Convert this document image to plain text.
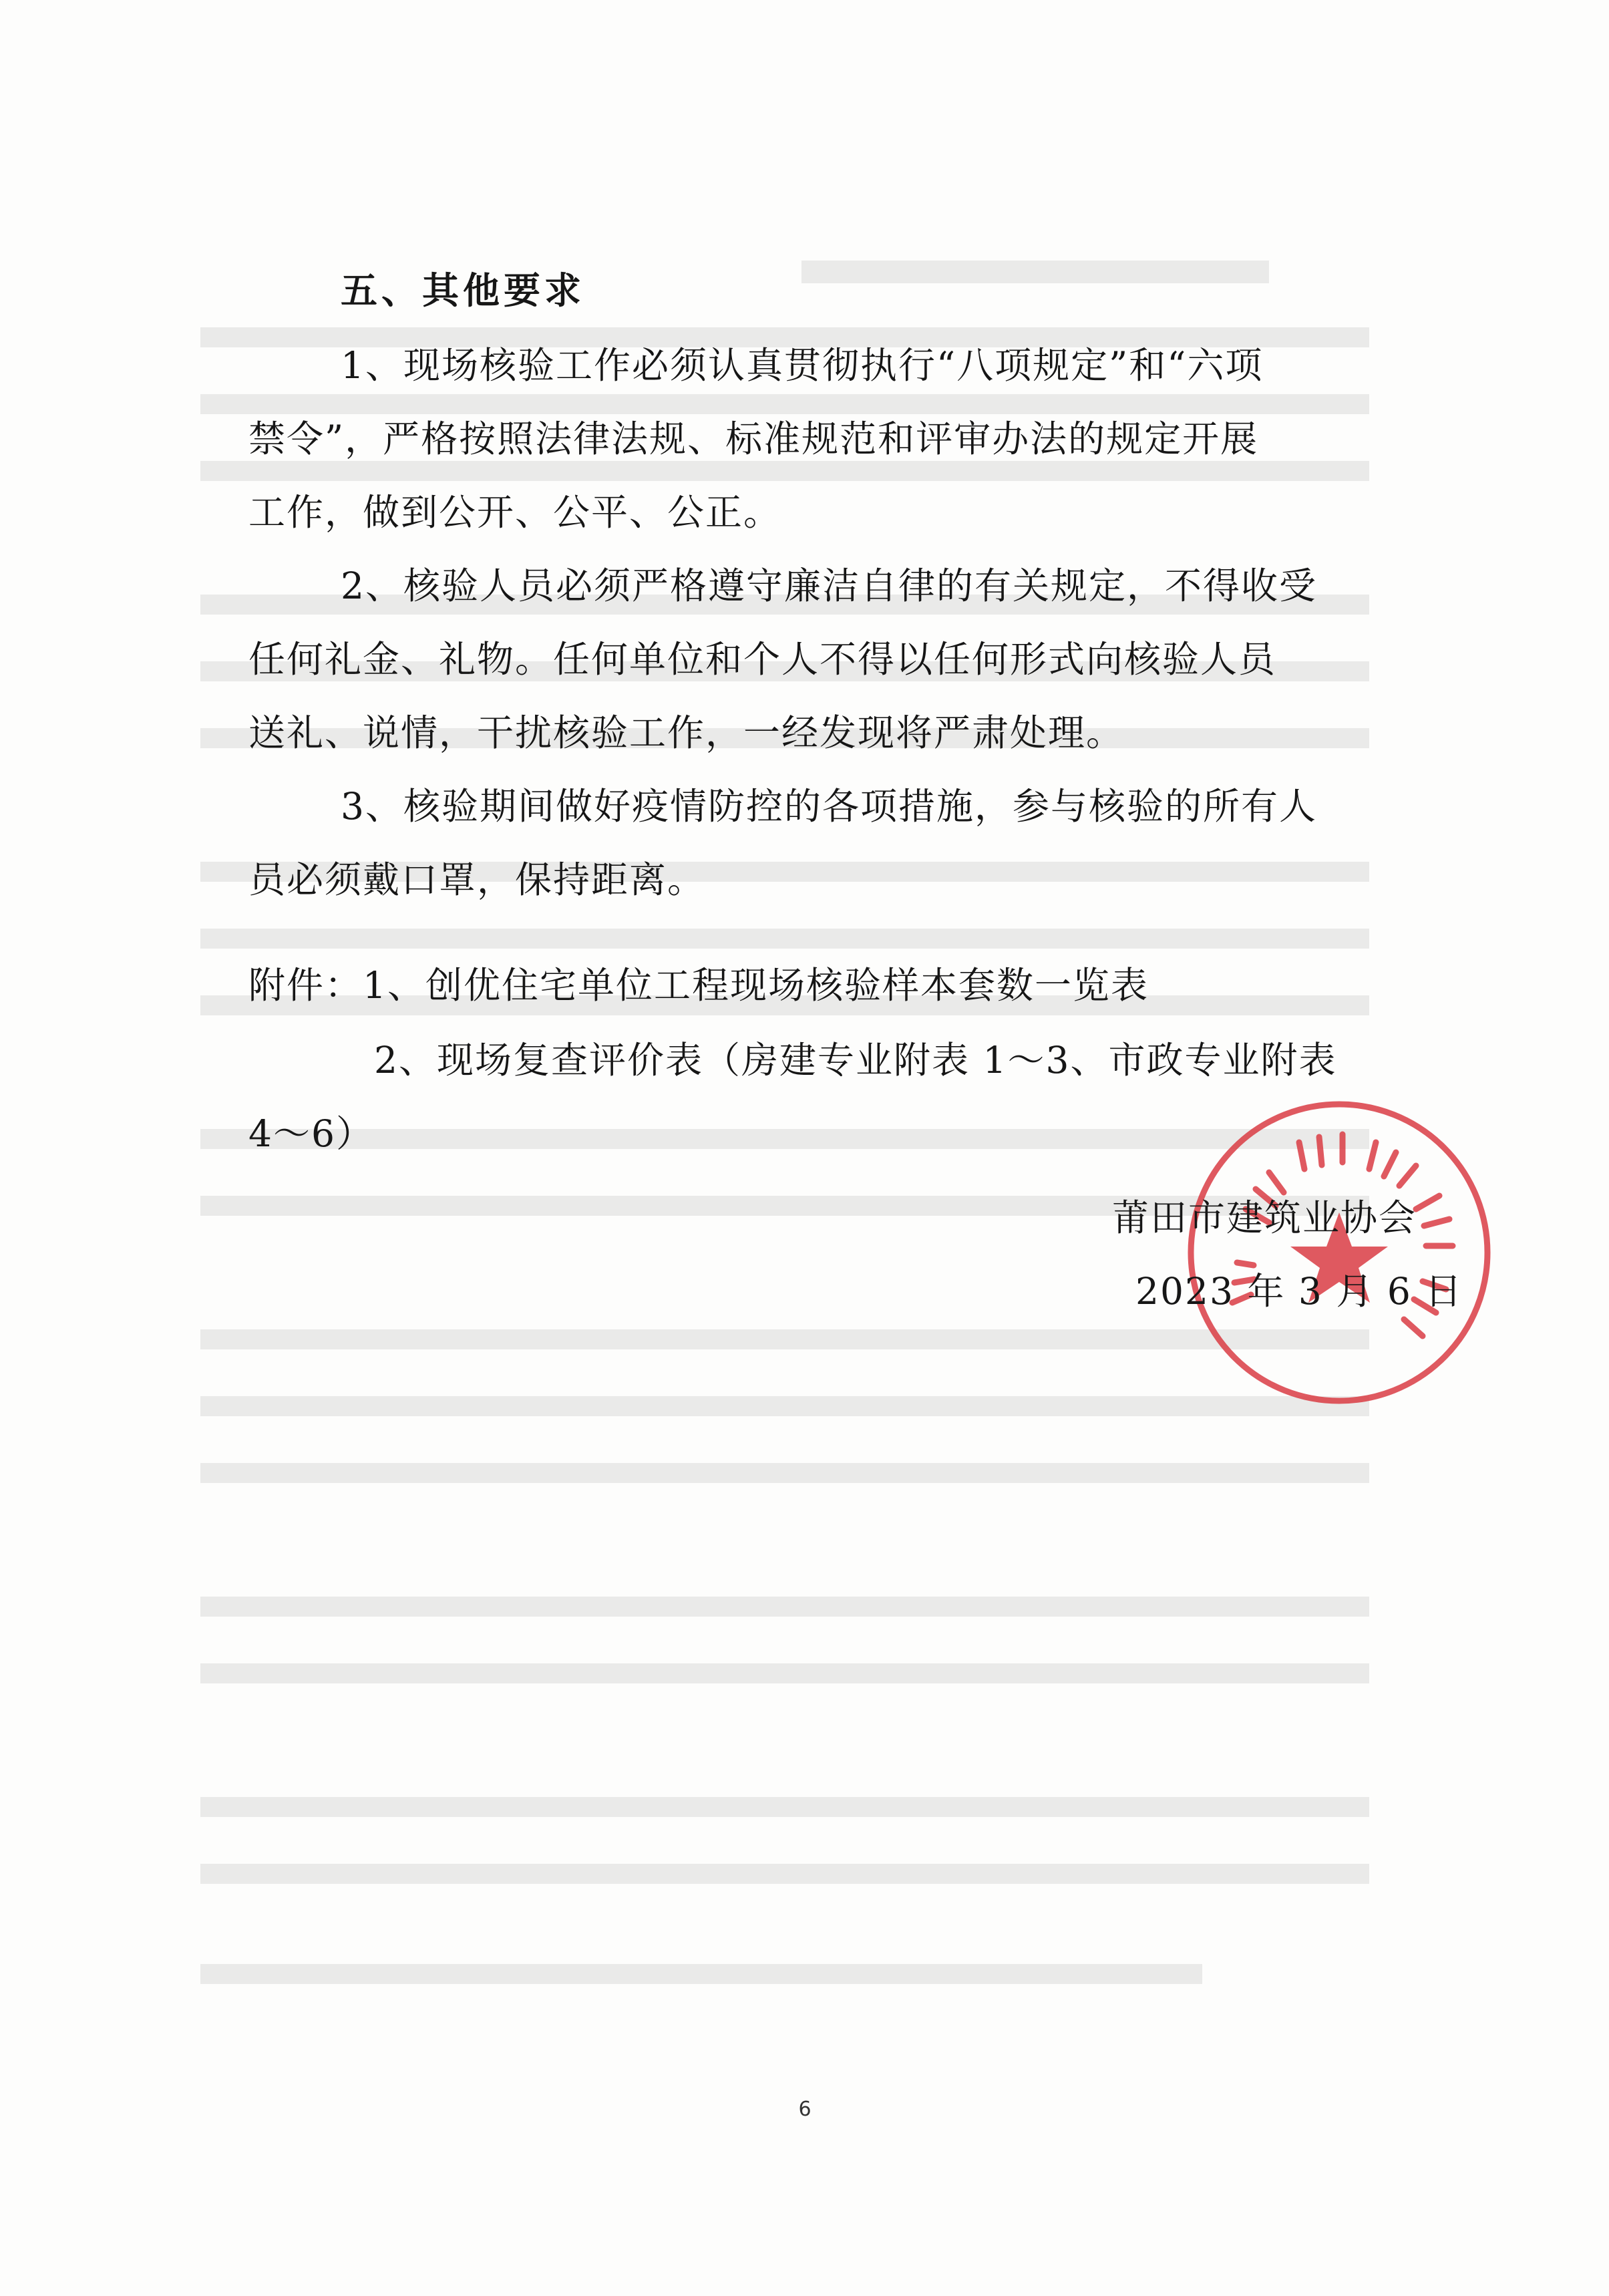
五、其他要求
1、现场核验工作必须认真贯彻执行“八项规定”和“六项
禁令”，严格按照法律法规、标准规范和评审办法的规定开展
工作，做到公开、公平、公正。
2、核验人员必须严格遵守廉洁自律的有关规定，不得收受
任何礼金、礼物。任何单位和个人不得以任何形式向核验人员
送礼、说情，干扰核验工作，一经发现将严肃处理。
3、核验期间做好疫情防控的各项措施，参与核验的所有人
员必须戴口罩，保持距离。
附件：1、创优住宅单位工程现场核验样本套数一览表
2、现场复查评价表（房建专业附表 1～3、市政专业附表
4～6）
莆田市建筑业协会
2023 年 3 月 6 日
6
